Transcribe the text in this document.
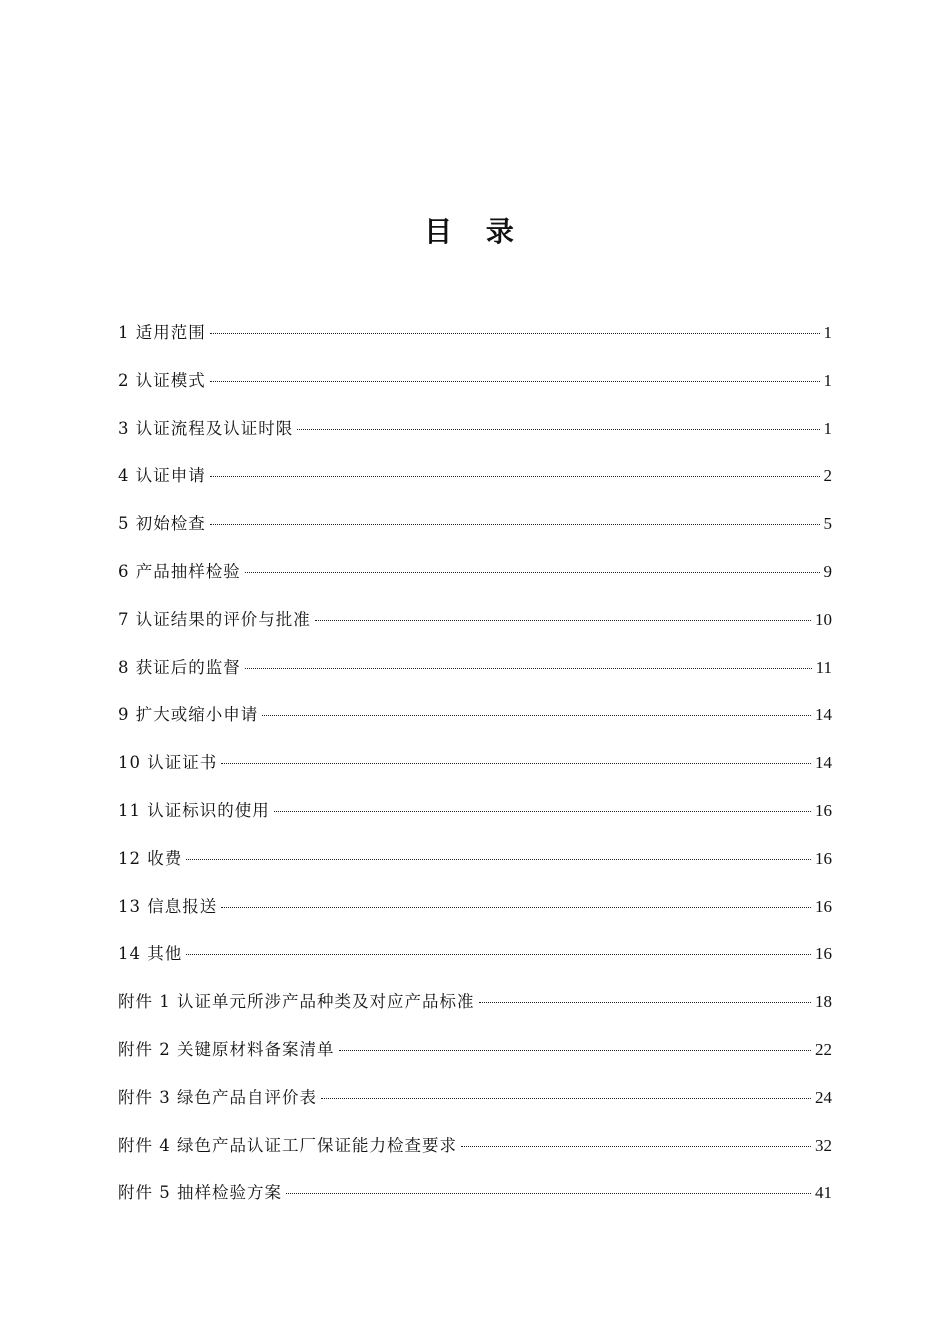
目 录
1 适用范围	1
2 认证模式	1
3 认证流程及认证时限	1
4 认证申请	2
5 初始检查	5
6 产品抽样检验	9
7 认证结果的评价与批准	10
8 获证后的监督	11
9 扩大或缩小申请	14
10 认证证书	14
11 认证标识的使用	16
12 收费	16
13 信息报送	16
14 其他	16
附件 1 认证单元所涉产品种类及对应产品标准	18
附件 2 关键原材料备案清单	22
附件 3 绿色产品自评价表	24
附件 4 绿色产品认证工厂保证能力检查要求	32
附件 5 抽样检验方案	41
